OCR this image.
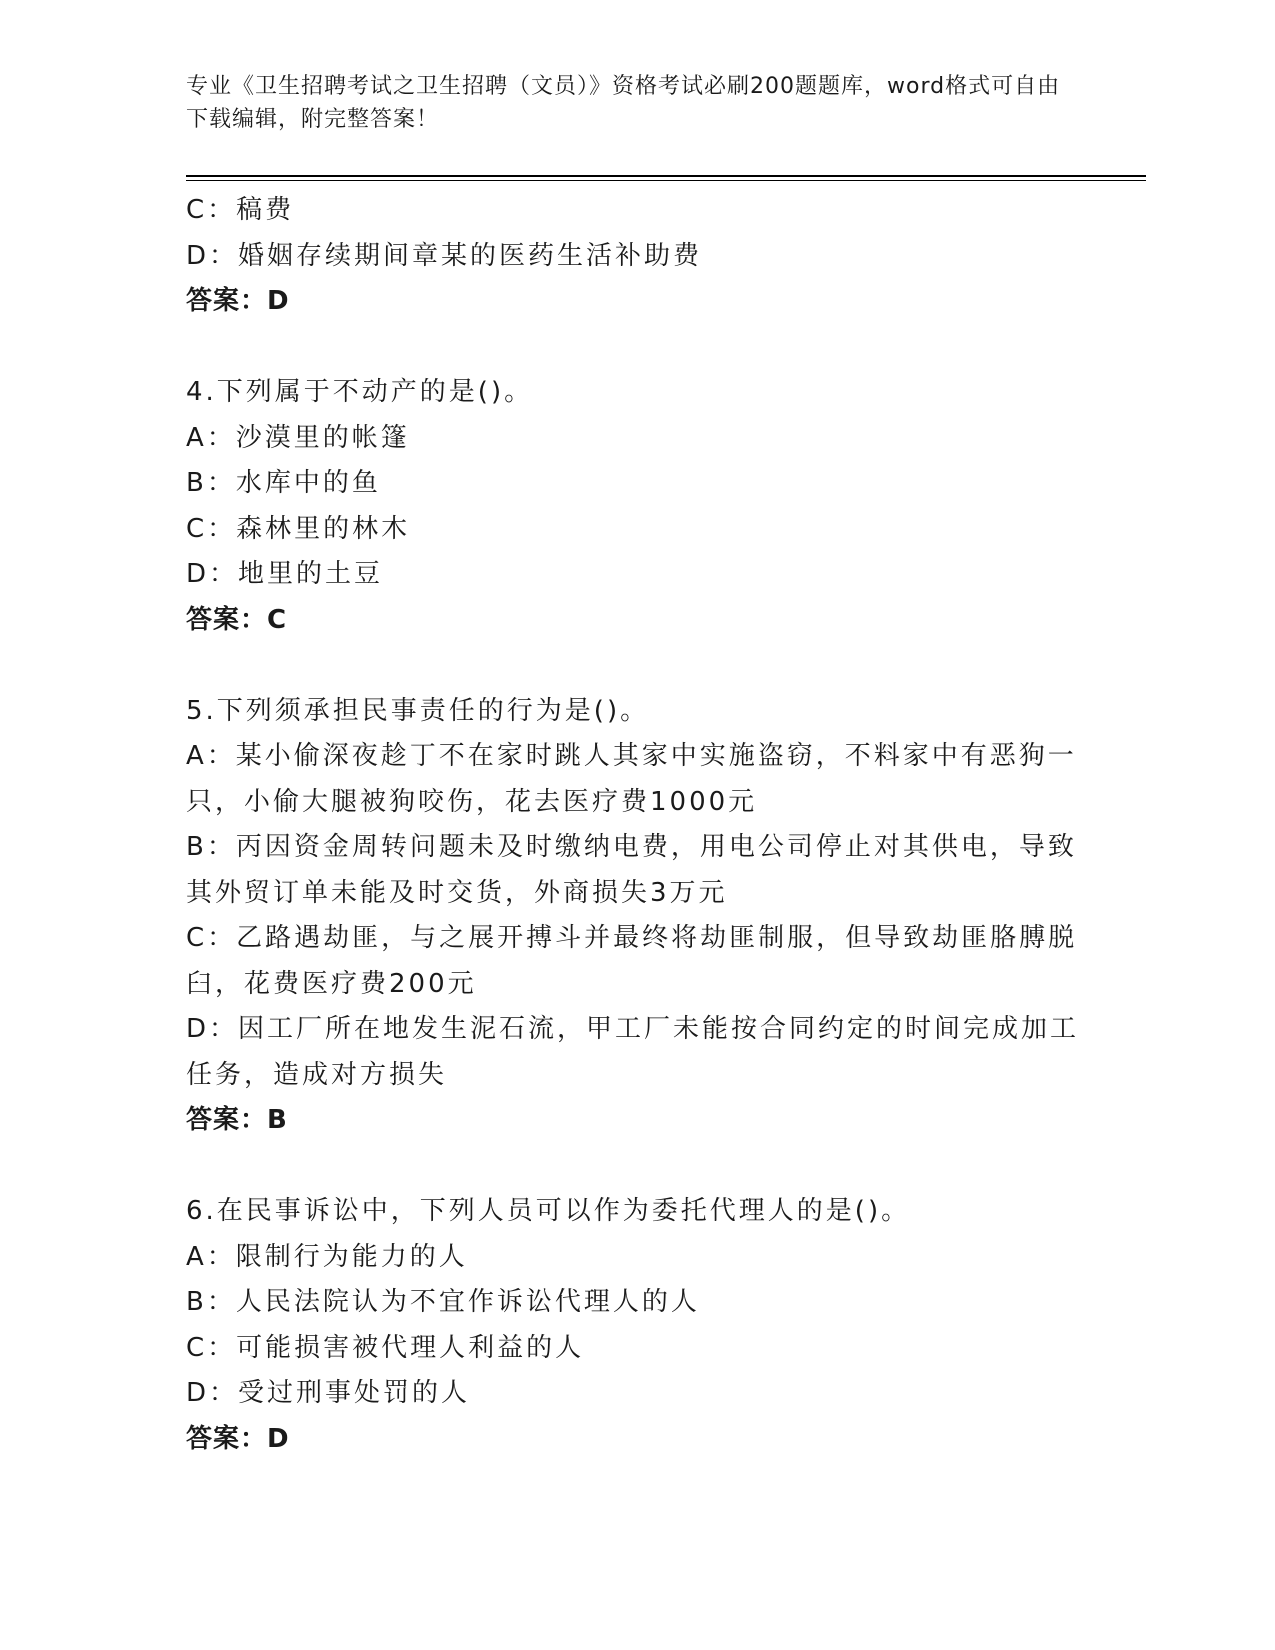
专业《卫生招聘考试之卫生招聘（文员）》资格考试必刷200题题库，word格式可自由下载编辑，附完整答案！
C：稿费
D：婚姻存续期间章某的医药生活补助费
答案：D
4.下列属于不动产的是()。
A：沙漠里的帐篷
B：水库中的鱼
C：森林里的林木
D：地里的土豆
答案：C
5.下列须承担民事责任的行为是()。
A：某小偷深夜趁丁不在家时跳人其家中实施盗窃，不料家中有恶狗一只，小偷大腿被狗咬伤，花去医疗费1000元
B：丙因资金周转问题未及时缴纳电费，用电公司停止对其供电，导致其外贸订单未能及时交货，外商损失3万元
C：乙路遇劫匪，与之展开搏斗并最终将劫匪制服，但导致劫匪胳膊脱臼，花费医疗费200元
D：因工厂所在地发生泥石流，甲工厂未能按合同约定的时间完成加工任务，造成对方损失
答案：B
6.在民事诉讼中，下列人员可以作为委托代理人的是()。
A：限制行为能力的人
B：人民法院认为不宜作诉讼代理人的人
C：可能损害被代理人利益的人
D：受过刑事处罚的人
答案：D
